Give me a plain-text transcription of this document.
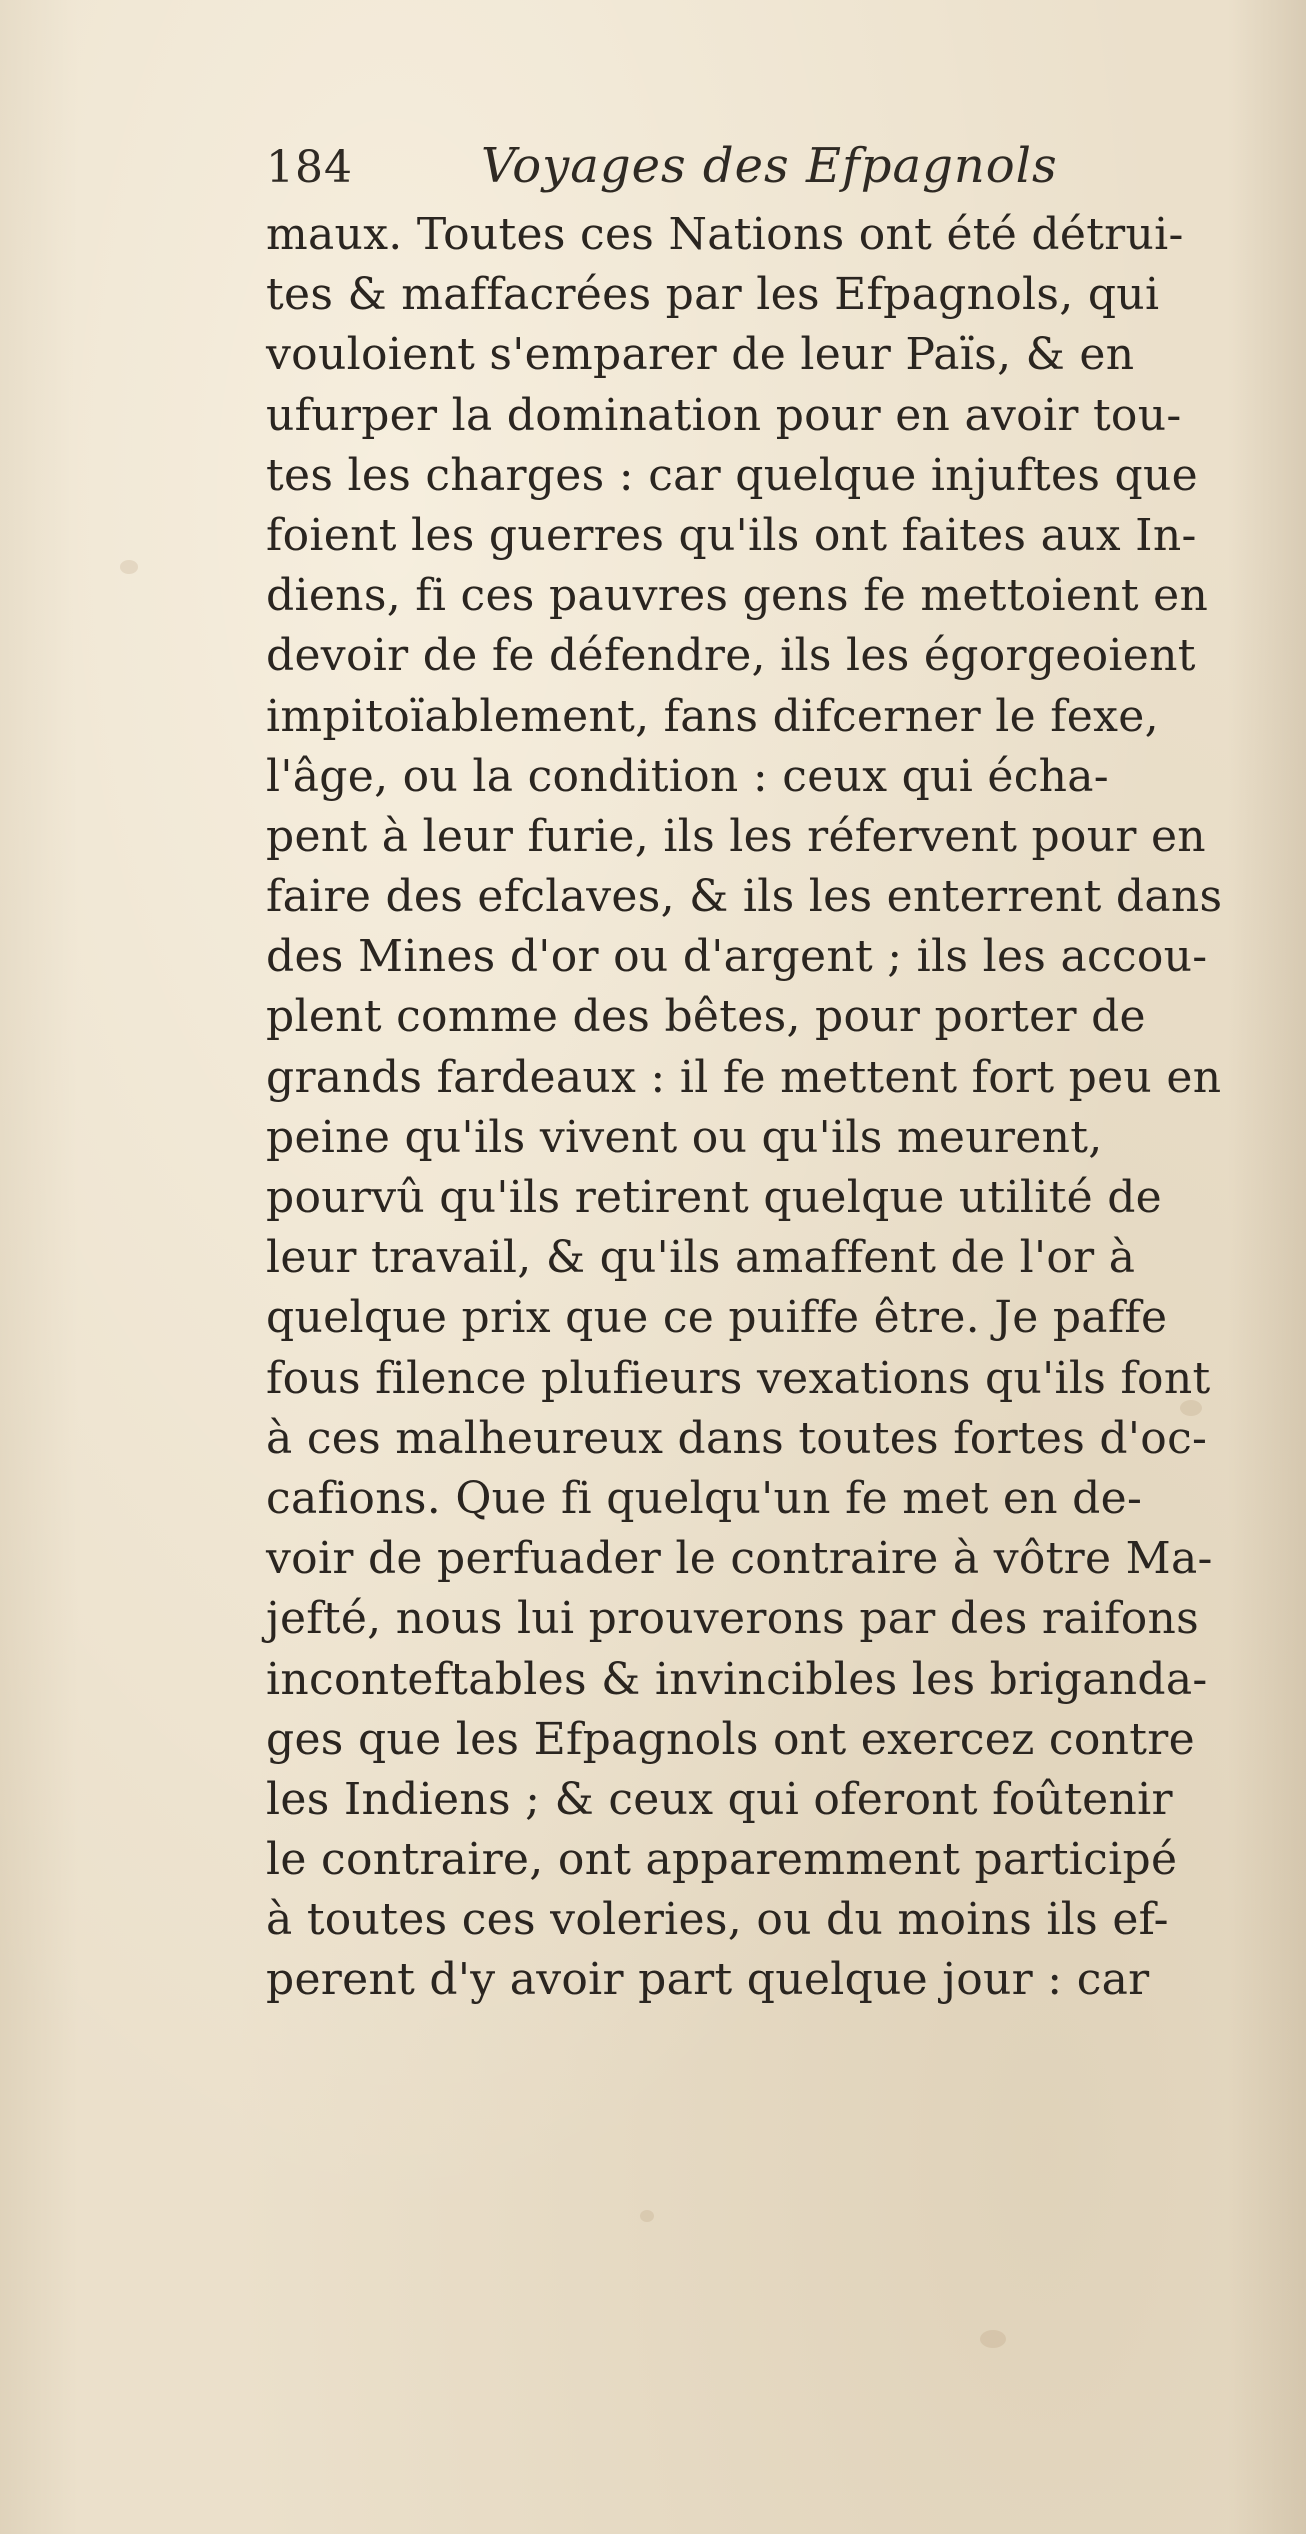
184	Voyages des Efpagnols
maux. Toutes ces Nations ont été détrui-
tes & maffacrées par les Efpagnols, qui
vouloient s'emparer de leur Païs, & en
ufurper la domination pour en avoir tou-
tes les charges : car quelque injuftes que
foient les guerres qu'ils ont faites aux In-
diens, fi ces pauvres gens fe mettoient en
devoir de fe défendre, ils les égorgeoient
impitoïablement, fans difcerner le fexe,
l'âge, ou la condition : ceux qui écha-
pent à leur furie, ils les réfervent pour en
faire des efclaves, & ils les enterrent dans
des Mines d'or ou d'argent ; ils les accou-
plent comme des bêtes, pour porter de
grands fardeaux : il fe mettent fort peu en
peine qu'ils vivent ou qu'ils meurent,
pourvû qu'ils retirent quelque utilité de
leur travail, & qu'ils amaffent de l'or à
quelque prix que ce puiffe être. Je paffe
fous filence plufieurs vexations qu'ils font
à ces malheureux dans toutes fortes d'oc-
cafions. Que fi quelqu'un fe met en de-
voir de perfuader le contraire à vôtre Ma-
jefté, nous lui prouverons par des raifons
inconteftables & invincibles les briganda-
ges que les Efpagnols ont exercez contre
les Indiens ; & ceux qui oferont foûtenir
le contraire, ont apparemment participé
à toutes ces voleries, ou du moins ils ef-
perent d'y avoir part quelque jour : car
